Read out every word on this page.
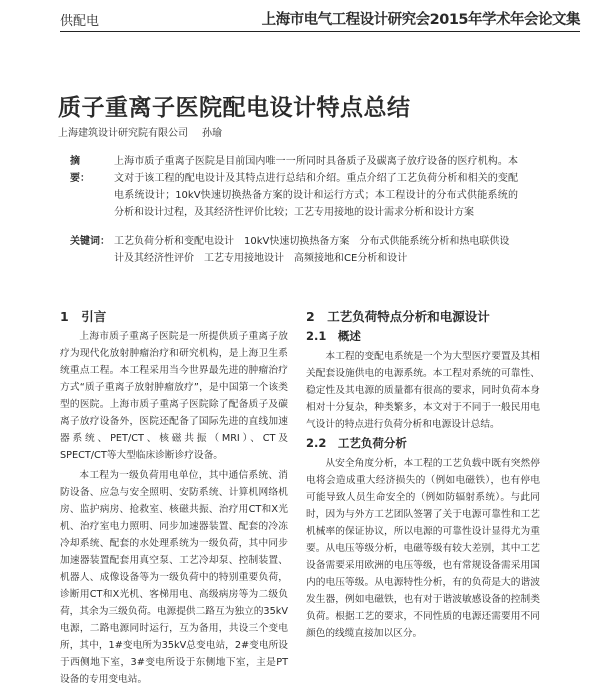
供配电	上海市电气工程设计研究会2015年学术年会论文集
质子重离子医院配电设计特点总结
上海建筑设计研究院有限公司 孙瑜
摘　要：
上海市质子重离子医院是目前国内唯一一所同时具备质子及碳离子放疗设备的医疗机构。本文对于该工程的配电设计及其特点进行总结和介绍。重点介绍了工艺负荷分析和相关的变配电系统设计；10kV快速切换热备方案的设计和运行方式；本工程设计的分布式供能系统的分析和设计过程，及其经济性评价比较；工艺专用接地的设计需求分析和设计方案
关键词： 工艺负荷分析和变配电设计　10kV快速切换热备方案　分布式供能系统分析和热电联供设计及其经济性评价　工艺专用接地设计　高频接地和CE分析和设计
1　引言

上海市质子重离子医院是一所提供质子重离子放疗为现代化放射肿瘤治疗和研究机构，是上海卫生系统重点工程。本工程采用当今世界最先进的肿瘤治疗方式“质子重离子放射肿瘤放疗”，是中国第一个该类型的医院。上海市质子重离子医院除了配备质子及碳离子放疗设备外，医院还配备了国际先进的直线加速器系统、PET/CT、核磁共振（MRI）、CT及SPECT/CT等大型临床诊断诊疗设备。

本工程为一级负荷用电单位，其中通信系统、消防设备、应急与安全照明、安防系统、计算机网络机房、监护病房、抢救室、核磁共振、治疗用CT和X光机、治疗室电力照明、同步加速器装置、配套的冷冻冷却系统、配套的水处理系统为一级负荷，其中同步加速器装置配套用真空泵、工艺冷却泵、控制装置、机器人、成像设备等为一级负荷中的特别重要负荷，诊断用CT和X光机、客梯用电、高级病房等为二级负荷，其余为三级负荷。电源提供二路互为独立的35kV电源，二路电源同时运行，互为备用，共设三个变电所，其中，1#变电所为35kV总变电站，2#变电所设于西侧地下室，3#变电所设于东侧地下室，主是PT设备的专用变电站。

2　工艺负荷特点分析和电源设计
2.1　概述

本工程的变配电系统是一个为大型医疗要置及其相关配套设施供电的电源系统。本工程对系统的可靠性、稳定性及其电源的质量都有很高的要求，同时负荷本身相对十分复杂，种类繁多，本文对于不同于一般民用电气设计的特点进行负荷分析和电源设计总结。

2.2　工艺负荷分析

从安全角度分析，本工程的工艺负载中既有突然停电将会造成重大经济损失的（例如电磁铁），也有停电可能导致人员生命安全的（例如防辐射系统）。与此同时，因为与外方工艺团队签署了关于电源可靠性和工艺机械率的保证协议，所以电源的可靠性设计显得尤为重要。从电压等级分析，电磁等级有较大差别，其中工艺设备需要采用欧洲的电压等级，也有常规设备需采用国内的电压等级。从电源特性分析，有的负荷是大的谐波发生器，例如电磁铁，也有对于谐波敏感设备的控制类负荷。根据工艺的要求，不同性质的电源还需要用不同颜色的线缆直接加以区分。
